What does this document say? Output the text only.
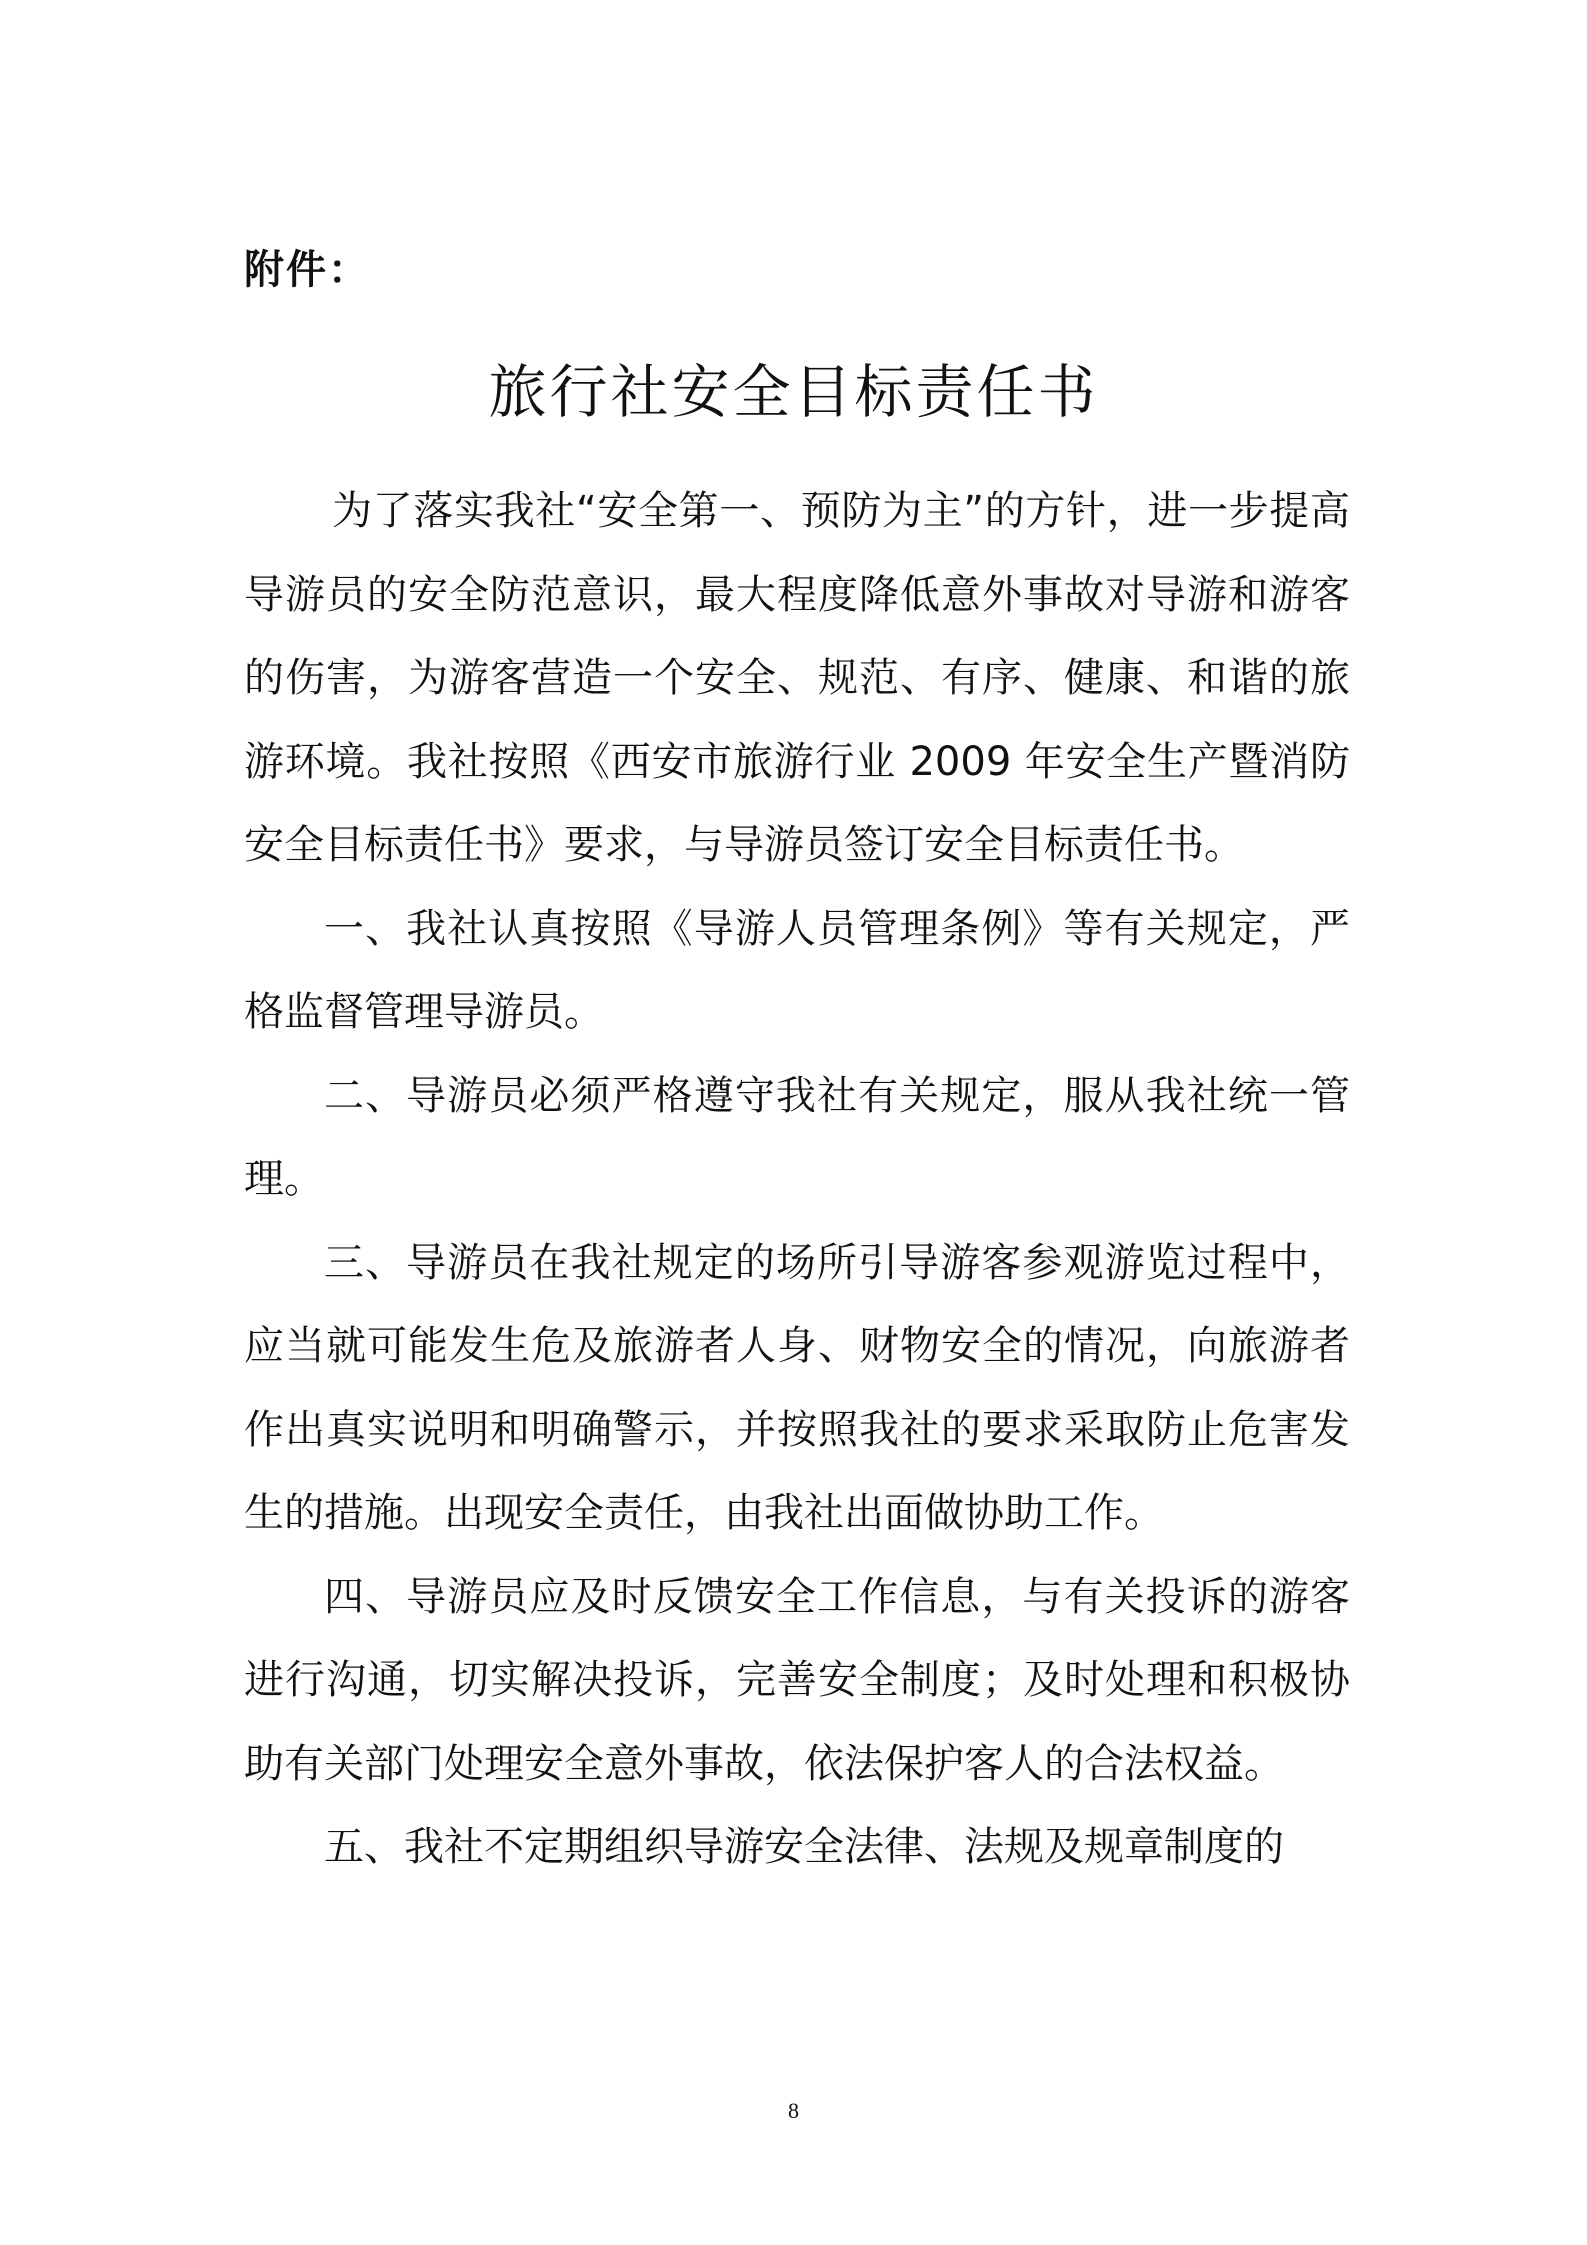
附件：
旅行社安全目标责任书

为了落实我社“安全第一、预防为主”的方针，进一步提高导游员的安全防范意识，最大程度降低意外事故对导游和游客的伤害，为游客营造一个安全、规范、有序、健康、和谐的旅游环境。我社按照《西安市旅游行业 2009 年安全生产暨消防安全目标责任书》要求，与导游员签订安全目标责任书。

一、我社认真按照《导游人员管理条例》等有关规定，严格监督管理导游员。

二、导游员必须严格遵守我社有关规定，服从我社统一管理。

三、导游员在我社规定的场所引导游客参观游览过程中，应当就可能发生危及旅游者人身、财物安全的情况，向旅游者作出真实说明和明确警示，并按照我社的要求采取防止危害发生的措施。出现安全责任，由我社出面做协助工作。

四、导游员应及时反馈安全工作信息，与有关投诉的游客进行沟通，切实解决投诉，完善安全制度；及时处理和积极协助有关部门处理安全意外事故，依法保护客人的合法权益。

五、我社不定期组织导游安全法律、法规及规章制度的

8
